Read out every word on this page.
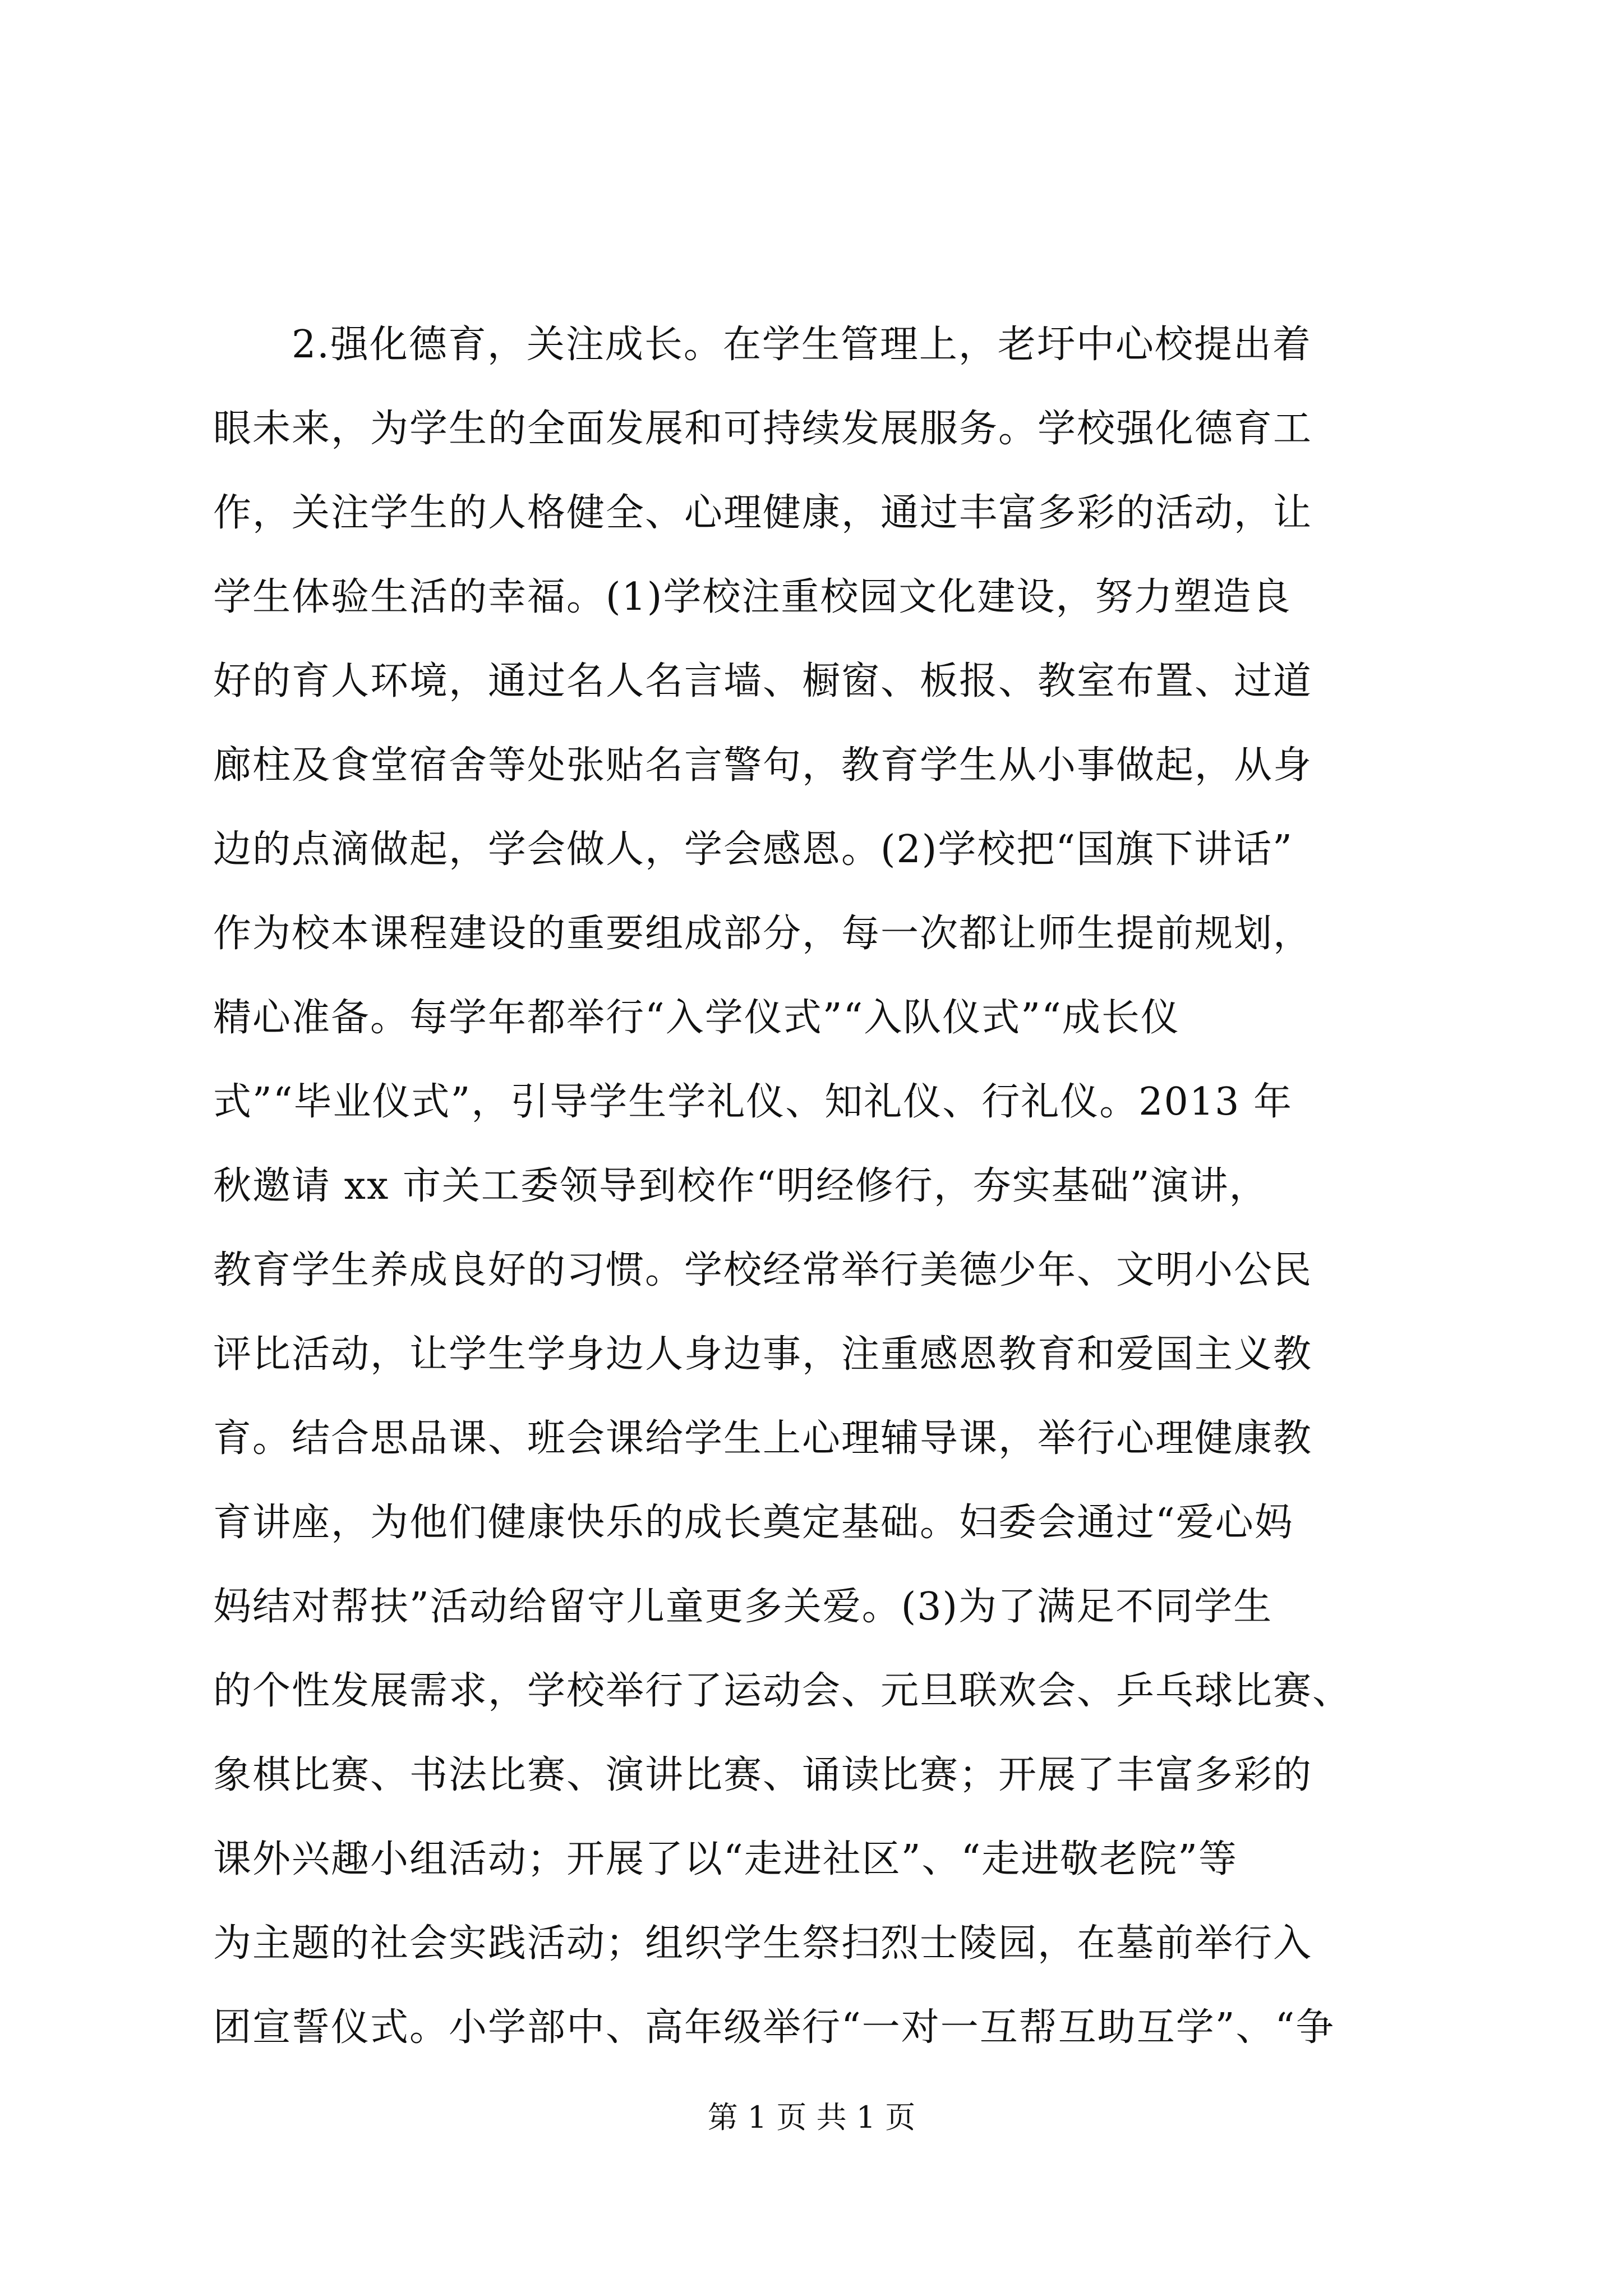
2.强化德育，关注成长。在学生管理上，老圩中心校提出着
眼未来，为学生的全面发展和可持续发展服务。学校强化德育工
作，关注学生的人格健全、心理健康，通过丰富多彩的活动，让
学生体验生活的幸福。(1)学校注重校园文化建设，努力塑造良
好的育人环境，通过名人名言墙、橱窗、板报、教室布置、过道
廊柱及食堂宿舍等处张贴名言警句，教育学生从小事做起，从身
边的点滴做起，学会做人，学会感恩。(2)学校把“国旗下讲话”
作为校本课程建设的重要组成部分，每一次都让师生提前规划，
精心准备。每学年都举行“入学仪式”“入队仪式”“成长仪
式”“毕业仪式”，引导学生学礼仪、知礼仪、行礼仪。2013 年
秋邀请 xx 市关工委领导到校作“明经修行，夯实基础”演讲，
教育学生养成良好的习惯。学校经常举行美德少年、文明小公民
评比活动，让学生学身边人身边事，注重感恩教育和爱国主义教
育。结合思品课、班会课给学生上心理辅导课，举行心理健康教
育讲座，为他们健康快乐的成长奠定基础。妇委会通过“爱心妈
妈结对帮扶”活动给留守儿童更多关爱。(3)为了满足不同学生
的个性发展需求，学校举行了运动会、元旦联欢会、乒乓球比赛、
象棋比赛、书法比赛、演讲比赛、诵读比赛；开展了丰富多彩的
课外兴趣小组活动；开展了以“走进社区”、“走进敬老院”等
为主题的社会实践活动；组织学生祭扫烈士陵园，在墓前举行入
团宣誓仪式。小学部中、高年级举行“一对一互帮互助互学”、“争
第 1 页 共 1 页
